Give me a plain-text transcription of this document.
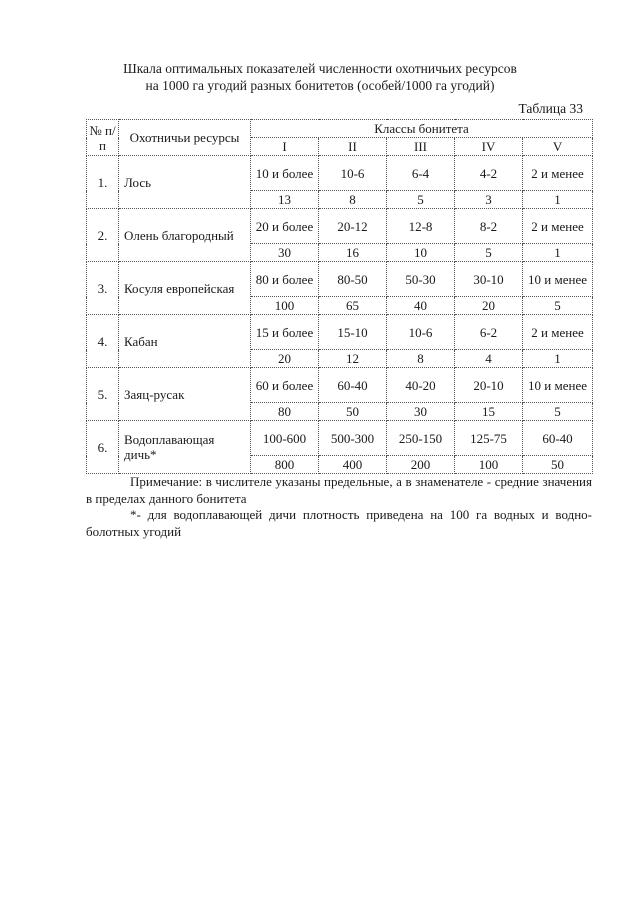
Шкала оптимальных показателей численности охотничьих ресурсов
на 1000 га угодий разных бонитетов (особей/1000 га угодий)
Таблица 33
№ п/п	Охотничьи ресурсы	Классы бонитета				
		I	II	III	IV	V
1.	Лось	10 и более	10-6	6-4	4-2	2 и менее
		13	8	5	3	1
2.	Олень благородный	20 и более	20-12	12-8	8-2	2 и менее
		30	16	10	5	1
3.	Косуля европейская	80 и более	80-50	50-30	30-10	10 и менее
		100	65	40	20	5
4.	Кабан	15 и более	15-10	10-6	6-2	2 и менее
		20	12	8	4	1
5.	Заяц-русак	60 и более	60-40	40-20	20-10	10 и менее
		80	50	30	15	5
6.	Водоплавающая дичь*	100-600	500-300	250-150	125-75	60-40
		800	400	200	100	50
Примечание: в числителе указаны предельные, а в знаменателе - средние значения в пределах данного бонитета
*- для водоплавающей дичи плотность приведена на 100 га водных и водно-болотных угодий
